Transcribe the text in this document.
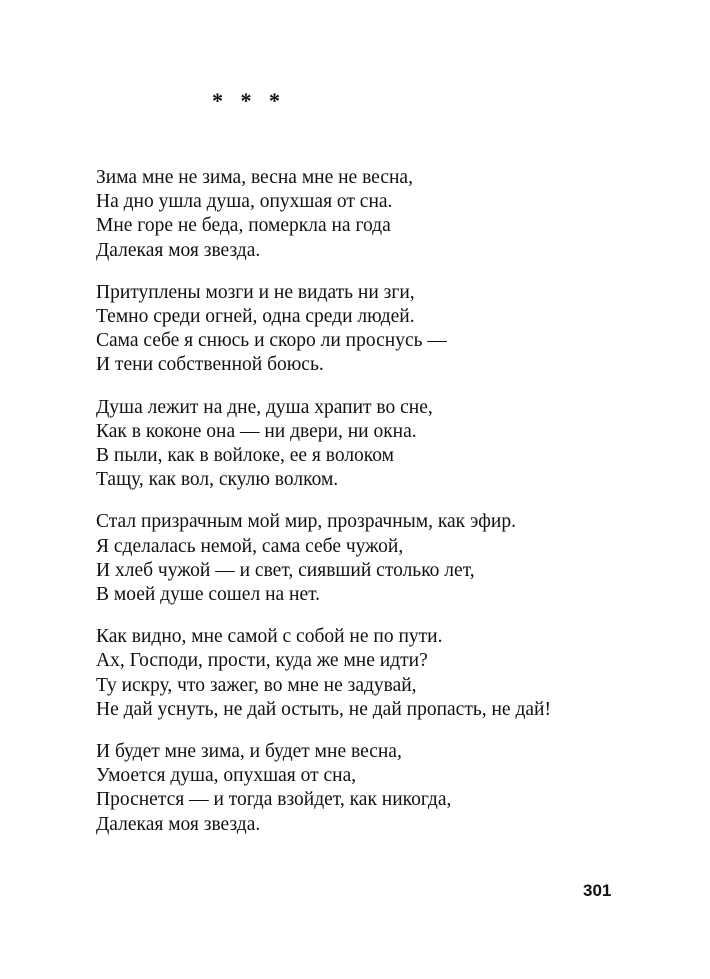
* * *
Зима мне не зима, весна мне не весна,
На дно ушла душа, опухшая от сна.
Мне горе не беда, померкла на года
Далекая моя звезда.
Притуплены мозги и не видать ни зги,
Темно среди огней, одна среди людей.
Сама себе я снюсь и скоро ли проснусь —
И тени собственной боюсь.
Душа лежит на дне, душа храпит во сне,
Как в коконе она — ни двери, ни окна.
В пыли, как в войлоке, ее я волоком
Тащу, как вол, скулю волком.
Стал призрачным мой мир, прозрачным, как эфир.
Я сделалась немой, сама себе чужой,
И хлеб чужой — и свет, сиявший столько лет,
В моей душе сошел на нет.
Как видно, мне самой с собой не по пути.
Ах, Господи, прости, куда же мне идти?
Ту искру, что зажег, во мне не задувай,
Не дай уснуть, не дай остыть, не дай пропасть, не дай!
И будет мне зима, и будет мне весна,
Умоется душа, опухшая от сна,
Проснется — и тогда взойдет, как никогда,
Далекая моя звезда.
301
